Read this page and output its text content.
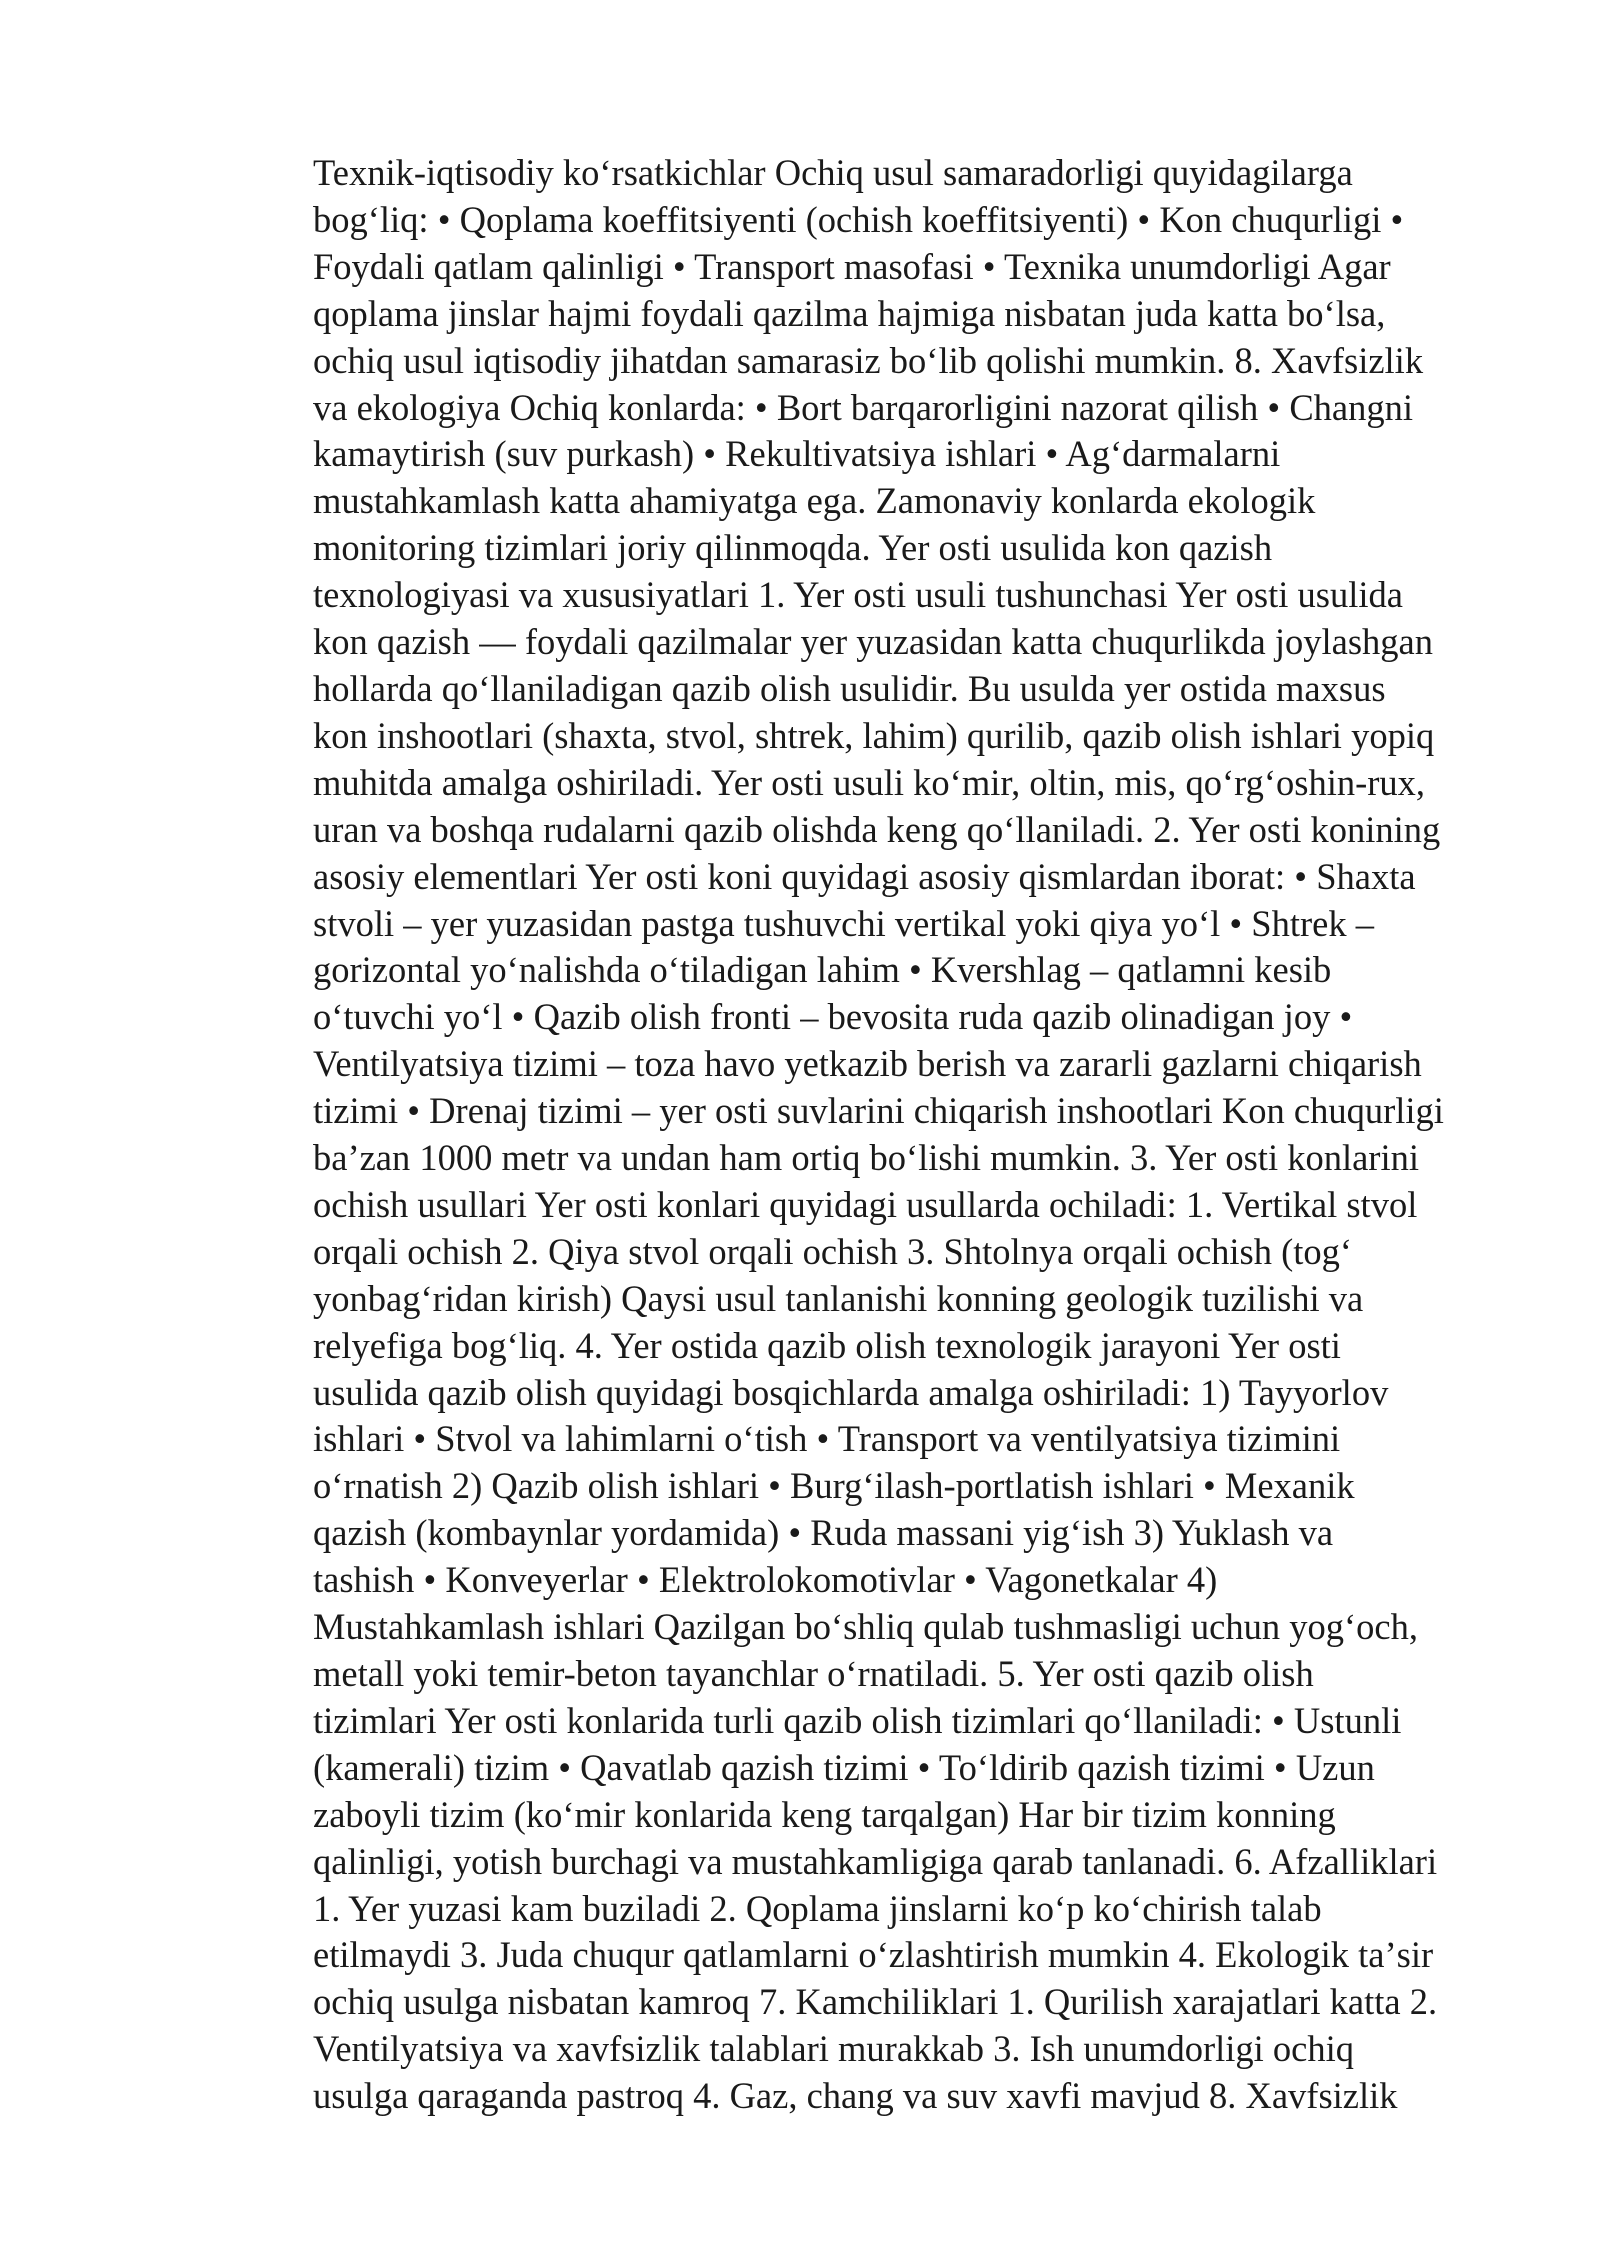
Texnik-iqtisodiy koʻrsatkichlar Ochiq usul samaradorligi quyidagilarga
bogʻliq: • Qoplama koeffitsiyenti (ochish koeffitsiyenti) • Kon chuqurligi •
Foydali qatlam qalinligi • Transport masofasi • Texnika unumdorligi Agar
qoplama jinslar hajmi foydali qazilma hajmiga nisbatan juda katta boʻlsa,
ochiq usul iqtisodiy jihatdan samarasiz boʻlib qolishi mumkin. 8. Xavfsizlik
va ekologiya Ochiq konlarda: • Bort barqarorligini nazorat qilish • Changni
kamaytirish (suv purkash) • Rekultivatsiya ishlari • Agʻdarmalarni
mustahkamlash katta ahamiyatga ega. Zamonaviy konlarda ekologik
monitoring tizimlari joriy qilinmoqda. Yer osti usulida kon qazish
texnologiyasi va xususiyatlari 1. Yer osti usuli tushunchasi Yer osti usulida
kon qazish — foydali qazilmalar yer yuzasidan katta chuqurlikda joylashgan
hollarda qoʻllaniladigan qazib olish usulidir. Bu usulda yer ostida maxsus
kon inshootlari (shaxta, stvol, shtrek, lahim) qurilib, qazib olish ishlari yopiq
muhitda amalga oshiriladi. Yer osti usuli koʻmir, oltin, mis, qoʻrgʻoshin-rux,
uran va boshqa rudalarni qazib olishda keng qoʻllaniladi. 2. Yer osti konining
asosiy elementlari Yer osti koni quyidagi asosiy qismlardan iborat: • Shaxta
stvoli – yer yuzasidan pastga tushuvchi vertikal yoki qiya yoʻl • Shtrek –
gorizontal yoʻnalishda oʻtiladigan lahim • Kvershlag – qatlamni kesib
oʻtuvchi yoʻl • Qazib olish fronti – bevosita ruda qazib olinadigan joy •
Ventilyatsiya tizimi – toza havo yetkazib berish va zararli gazlarni chiqarish
tizimi • Drenaj tizimi – yer osti suvlarini chiqarish inshootlari Kon chuqurligi
baʼzan 1000 metr va undan ham ortiq boʻlishi mumkin. 3. Yer osti konlarini
ochish usullari Yer osti konlari quyidagi usullarda ochiladi: 1. Vertikal stvol
orqali ochish 2. Qiya stvol orqali ochish 3. Shtolnya orqali ochish (togʻ
yonbagʻridan kirish) Qaysi usul tanlanishi konning geologik tuzilishi va
relyefiga bogʻliq. 4. Yer ostida qazib olish texnologik jarayoni Yer osti
usulida qazib olish quyidagi bosqichlarda amalga oshiriladi: 1) Tayyorlov
ishlari • Stvol va lahimlarni oʻtish • Transport va ventilyatsiya tizimini
oʻrnatish 2) Qazib olish ishlari • Burgʻilash-portlatish ishlari • Mexanik
qazish (kombaynlar yordamida) • Ruda massani yigʻish 3) Yuklash va
tashish • Konveyerlar • Elektrolokomotivlar • Vagonetkalar 4)
Mustahkamlash ishlari Qazilgan boʻshliq qulab tushmasligi uchun yogʻoch,
metall yoki temir-beton tayanchlar oʻrnatiladi. 5. Yer osti qazib olish
tizimlari Yer osti konlarida turli qazib olish tizimlari qoʻllaniladi: • Ustunli
(kamerali) tizim • Qavatlab qazish tizimi • Toʻldirib qazish tizimi • Uzun
zaboyli tizim (koʻmir konlarida keng tarqalgan) Har bir tizim konning
qalinligi, yotish burchagi va mustahkamligiga qarab tanlanadi. 6. Afzalliklari
1. Yer yuzasi kam buziladi 2. Qoplama jinslarni koʻp koʻchirish talab
etilmaydi 3. Juda chuqur qatlamlarni oʻzlashtirish mumkin 4. Ekologik taʼsir
ochiq usulga nisbatan kamroq 7. Kamchiliklari 1. Qurilish xarajatlari katta 2.
Ventilyatsiya va xavfsizlik talablari murakkab 3. Ish unumdorligi ochiq
usulga qaraganda pastroq 4. Gaz, chang va suv xavfi mavjud 8. Xavfsizlik
